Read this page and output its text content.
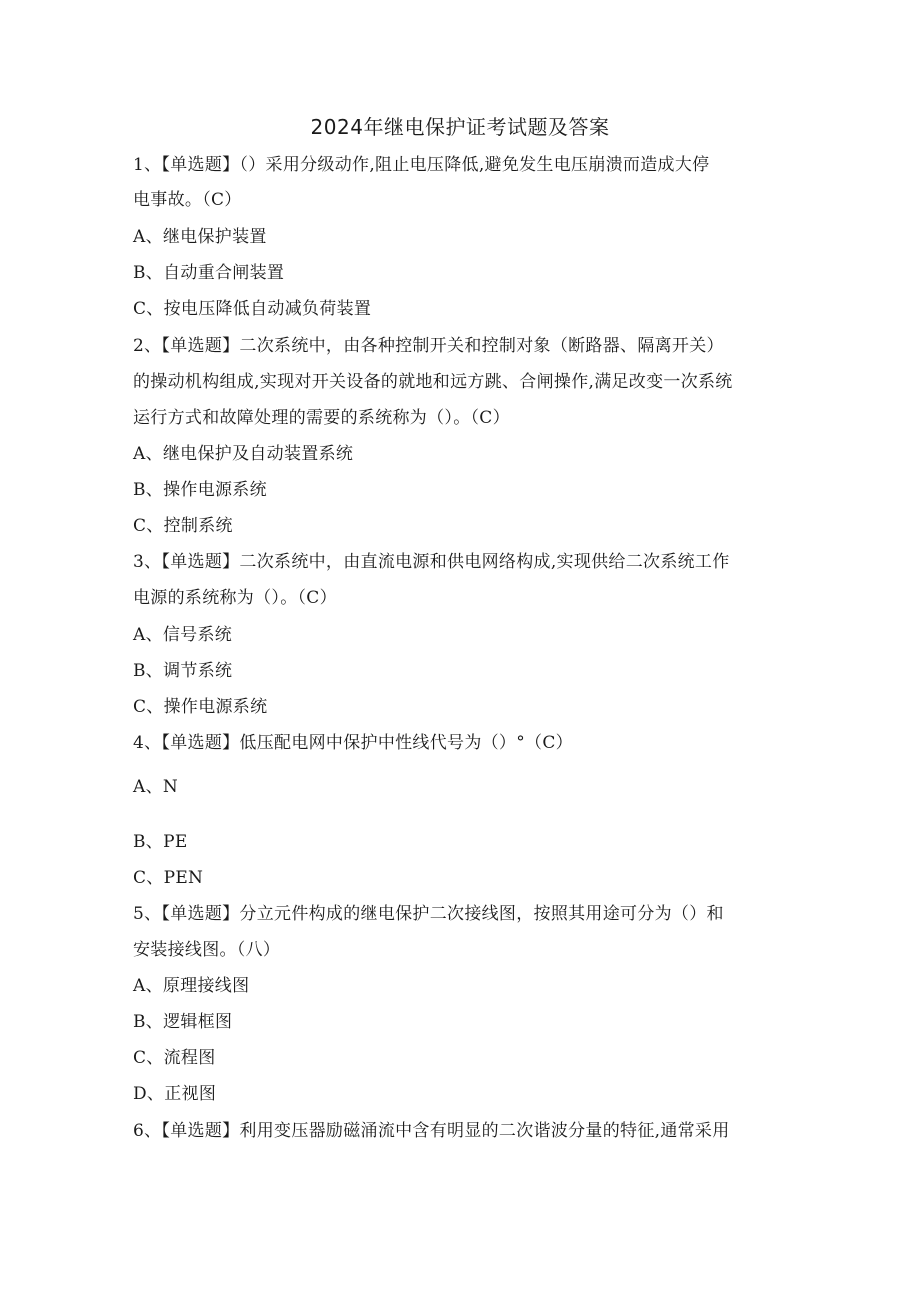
2024年继电保护证考试题及答案
1、【单选题】（）采用分级动作,阻止电压降低,避免发生电压崩溃而造成大停
电事故。（C）
A、继电保护装置
B、自动重合闸装置
C、按电压降低自动减负荷装置
2、【单选题】二次系统中，由各种控制开关和控制对象（断路器、隔离开关）
的操动机构组成,实现对开关设备的就地和远方跳、合闸操作,满足改变一次系统
运行方式和故障处理的需要的系统称为（）。（C）
A、继电保护及自动装置系统
B、操作电源系统
C、控制系统
3、【单选题】二次系统中，由直流电源和供电网络构成,实现供给二次系统工作
电源的系统称为（）。（C）
A、信号系统
B、调节系统
C、操作电源系统
4、【单选题】低压配电网中保护中性线代号为（）°（C）
A、N
B、PE
C、PEN
5、【单选题】分立元件构成的继电保护二次接线图，按照其用途可分为（）和
安装接线图。（八）
A、原理接线图
B、逻辑框图
C、流程图
D、正视图
6、【单选题】利用变压器励磁涌流中含有明显的二次谐波分量的特征,通常采用
